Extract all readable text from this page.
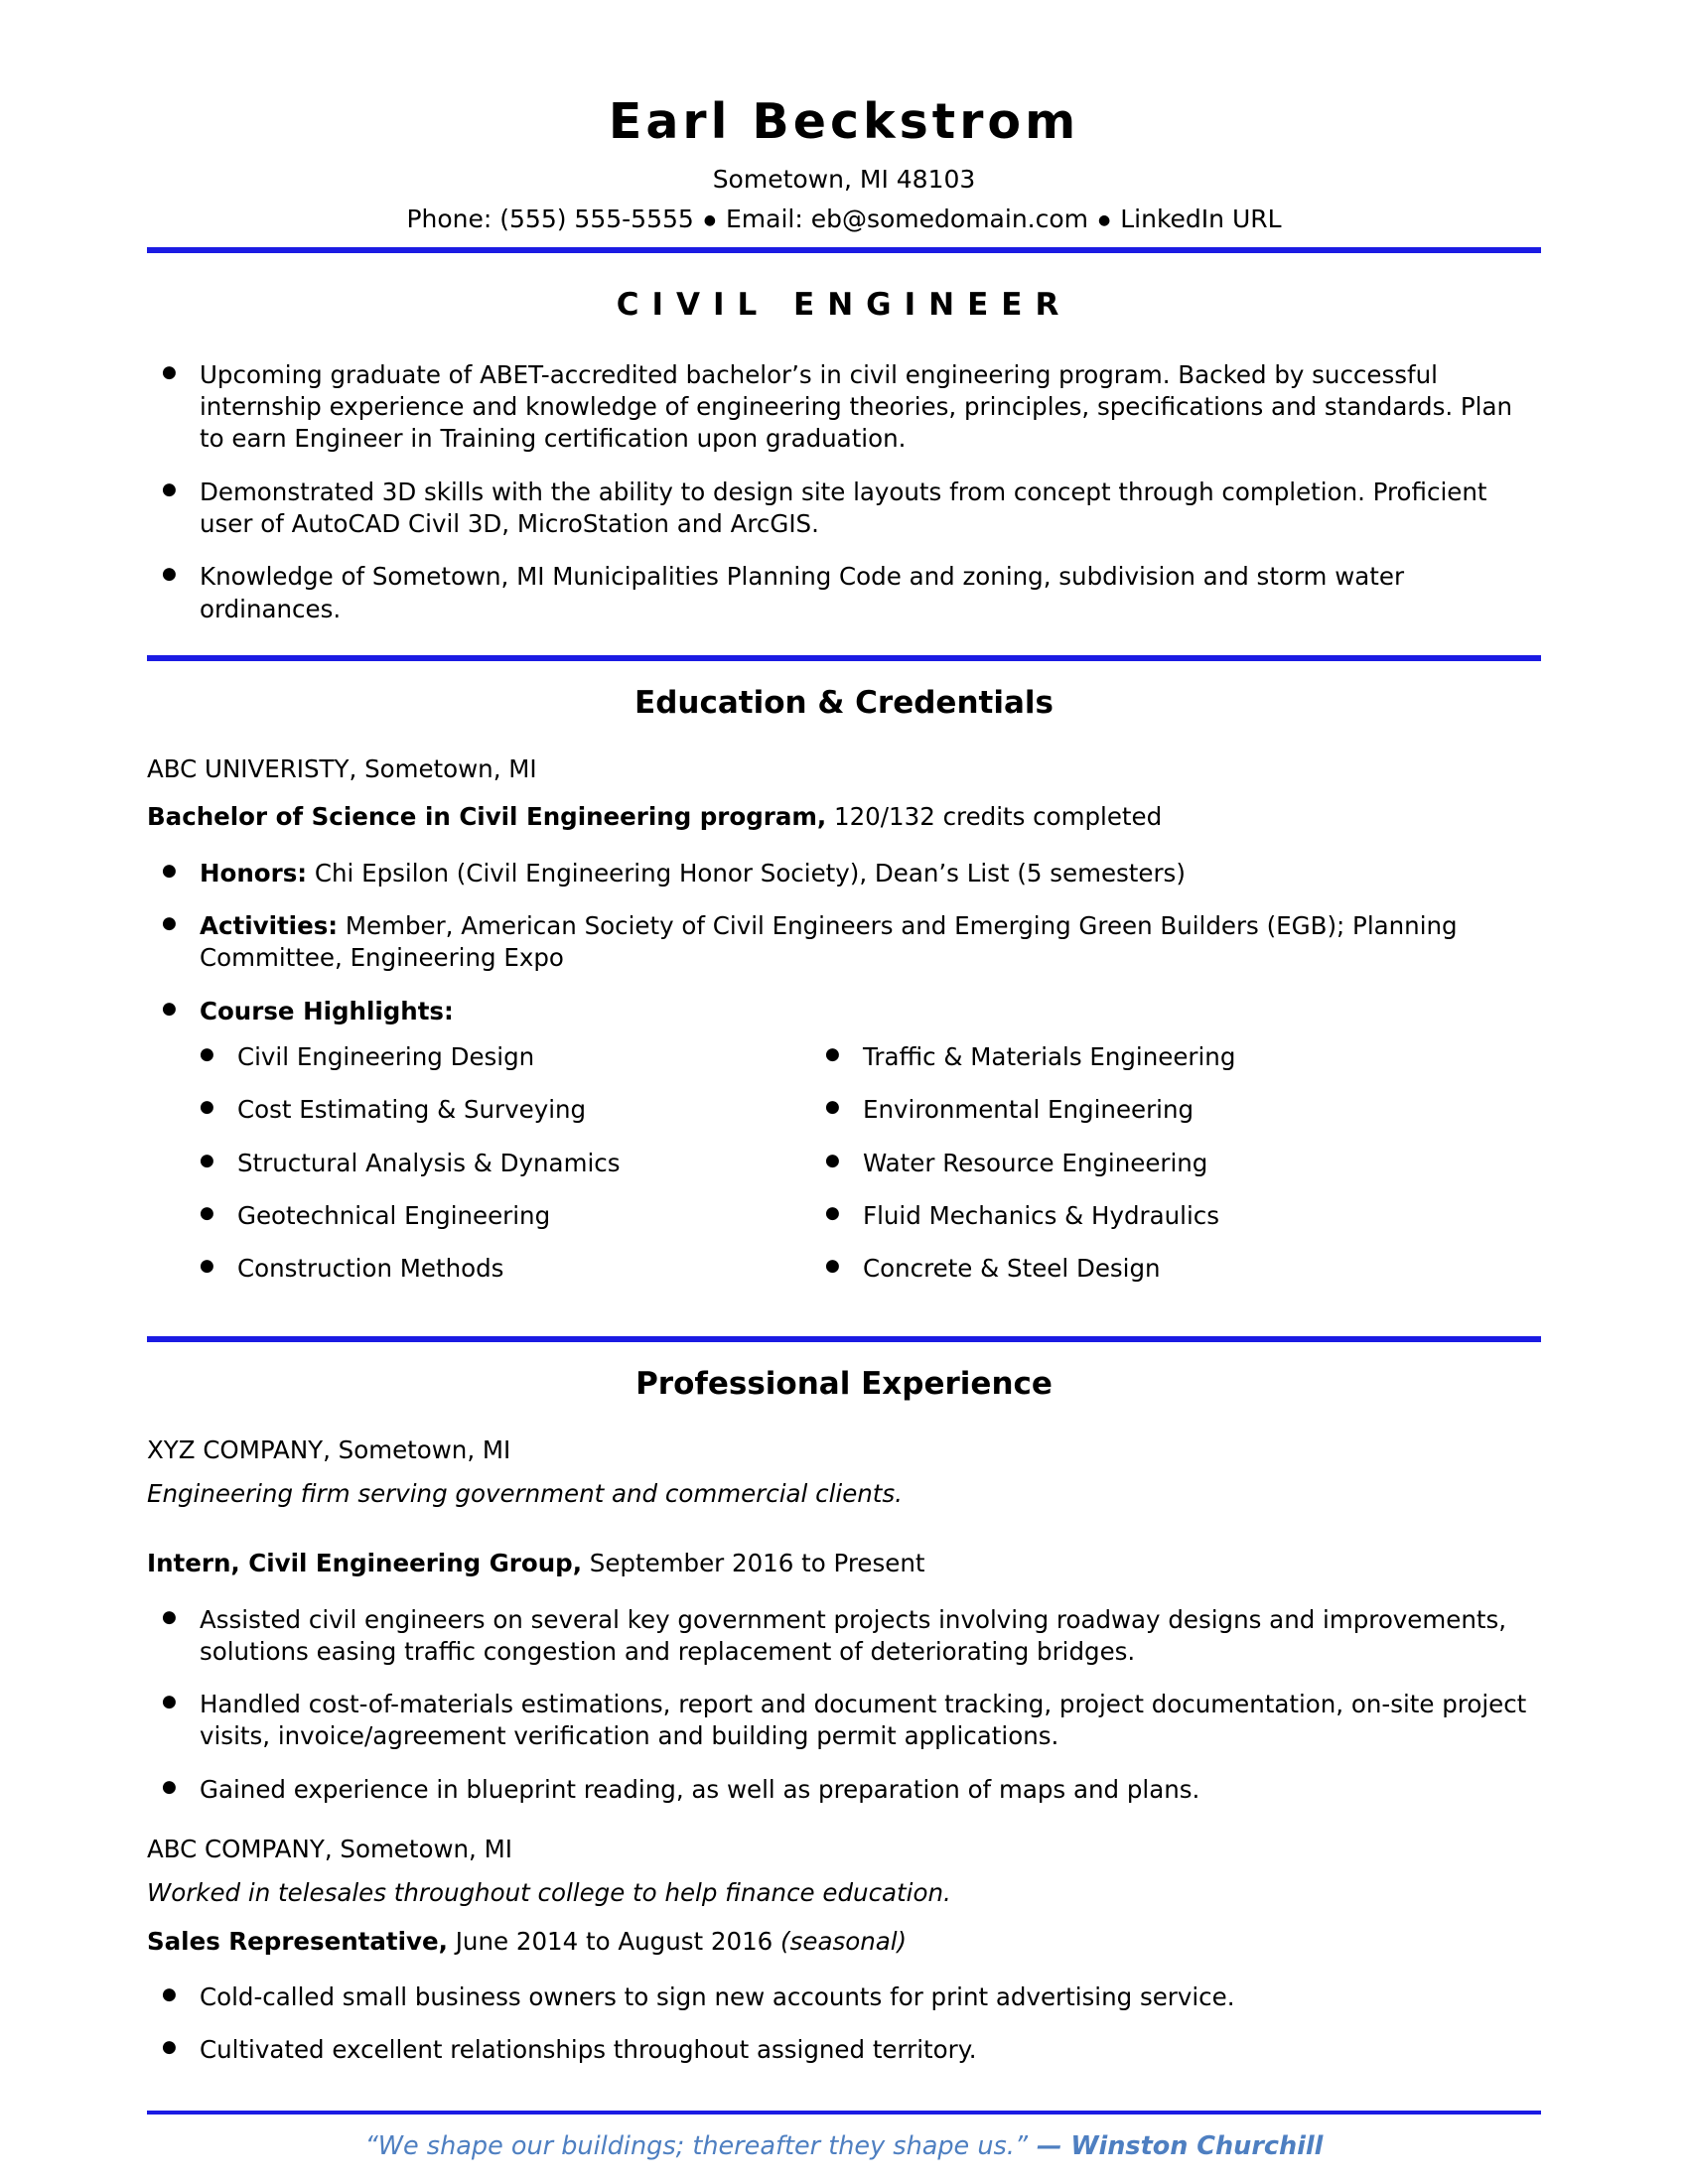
Earl Beckstrom
Sometown, MI 48103
Phone: (555) 555-5555 ● Email: eb@somedomain.com ● LinkedIn URL
CIVIL ENGINEER
● Upcoming graduate of ABET-accredited bachelor’s in civil engineering program. Backed by successful internship experience and knowledge of engineering theories, principles, specifications and standards. Plan to earn Engineer in Training certification upon graduation.
● Demonstrated 3D skills with the ability to design site layouts from concept through completion. Proficient user of AutoCAD Civil 3D, MicroStation and ArcGIS.
● Knowledge of Sometown, MI Municipalities Planning Code and zoning, subdivision and storm water ordinances.
Education & Credentials
ABC UNIVERISTY, Sometown, MI
Bachelor of Science in Civil Engineering program, 120/132 credits completed
● Honors: Chi Epsilon (Civil Engineering Honor Society), Dean’s List (5 semesters)
● Activities: Member, American Society of Civil Engineers and Emerging Green Builders (EGB); Planning Committee, Engineering Expo
● Course Highlights:
● Civil Engineering Design
● Cost Estimating & Surveying
● Structural Analysis & Dynamics
● Geotechnical Engineering
● Construction Methods
● Traffic & Materials Engineering
● Environmental Engineering
● Water Resource Engineering
● Fluid Mechanics & Hydraulics
● Concrete & Steel Design
Professional Experience
XYZ COMPANY, Sometown, MI
Engineering firm serving government and commercial clients.
Intern, Civil Engineering Group, September 2016 to Present
● Assisted civil engineers on several key government projects involving roadway designs and improvements, solutions easing traffic congestion and replacement of deteriorating bridges.
● Handled cost-of-materials estimations, report and document tracking, project documentation, on-site project visits, invoice/agreement verification and building permit applications.
● Gained experience in blueprint reading, as well as preparation of maps and plans.
ABC COMPANY, Sometown, MI
Worked in telesales throughout college to help finance education.
Sales Representative, June 2014 to August 2016 (seasonal)
● Cold-called small business owners to sign new accounts for print advertising service.
● Cultivated excellent relationships throughout assigned territory.
“We shape our buildings; thereafter they shape us.” — Winston Churchill
